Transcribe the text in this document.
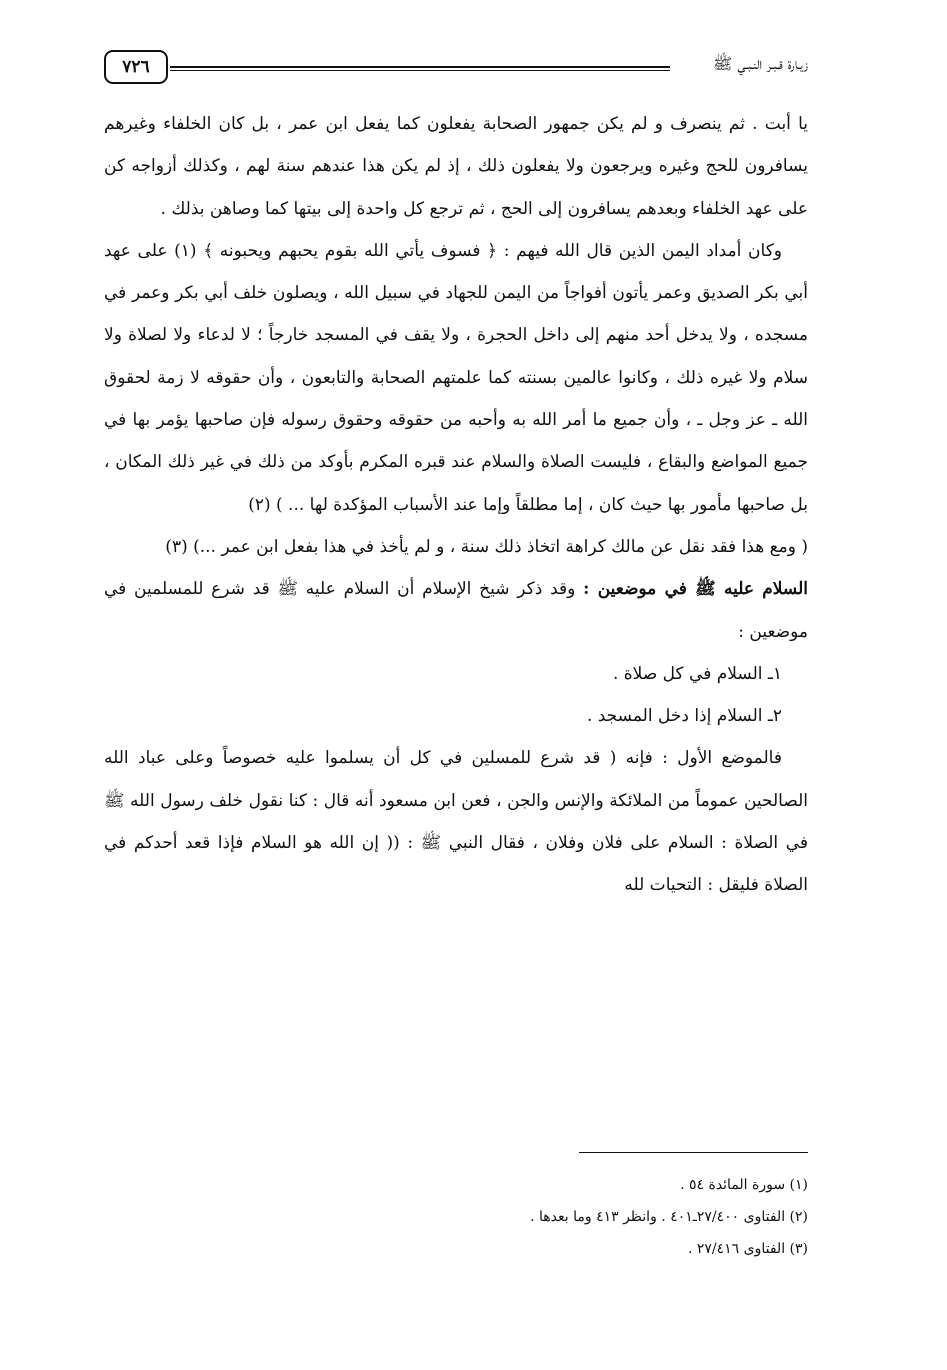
٧٢٦	زيـارة قـبـر النـبـي ﷺ

يا أبت . ثم ينصرف و لم يكن جمهور الصحابة يفعلون كما يفعل ابن عمر ، بل كان الخلفاء وغيرهم يسافرون للحج وغيره ويرجعون ولا يفعلون ذلك ، إذ لم يكن هذا عندهم سنة لهم ، وكذلك أزواجه كن على عهد الخلفاء وبعدهم يسافرون إلى الحج ، ثم ترجع كل واحدة إلى بيتها كما وصاهن بذلك .

وكان أمداد اليمن الذين قال الله فيهم : ﴿ فسوف يأتي الله بقوم يحبهم ويحبونه ﴾ (١) على عهد أبي بكر الصديق وعمر يأتون أفواجاً من اليمن للجهاد في سبيل الله ، ويصلون خلف أبي بكر وعمر في مسجده ، ولا يدخل أحد منهم إلى داخل الحجرة ، ولا يقف في المسجد خارجاً ؛ لا لدعاء ولا لصلاة ولا سلام ولا غيره ذلك ، وكانوا عالمين بسنته كما علمتهم الصحابة والتابعون ، وأن حقوقه لا زمة لحقوق الله ـ عز وجل ـ ، وأن جميع ما أمر الله به وأحبه من حقوقه وحقوق رسوله فإن صاحبها يؤمر بها في جميع المواضع والبقاع ، فليست الصلاة والسلام عند قبره المكرم بأوكد من ذلك في غير ذلك المكان ، بل صاحبها مأمور بها حيث كان ، إما مطلقاً وإما عند الأسباب المؤكدة لها ... ) (٢)

( ومع هذا فقد نقل عن مالك كراهة اتخاذ ذلك سنة ، و لم يأخذ في هذا بفعل ابن عمر ...) (٣)

السلام عليه ﷺ في موضعين : وقد ذكر شيخ الإسلام أن السلام عليه ﷺ قد شرع للمسلمين في موضعين :

١ـ السلام في كل صلاة .

٢ـ السلام إذا دخل المسجد .

فالموضع الأول : فإنه ( قد شرع للمسلين في كل أن يسلموا عليه خصوصاً وعلى عباد الله الصالحين عموماً من الملائكة والإنس والجن ، فعن ابن مسعود أنه قال : كنا نقول خلف رسول الله ﷺ في الصلاة : السلام على فلان وفلان ، فقال النبي ﷺ : (( إن الله هو السلام فإذا قعد أحدكم في الصلاة فليقل : التحيات لله

(١) سورة المائدة ٥٤ .
(٢) الفتاوى ٢٧/٤٠٠ـ٤٠١ . وانظر ٤١٣ وما بعدها .
(٣) الفتاوى ٢٧/٤١٦ .
